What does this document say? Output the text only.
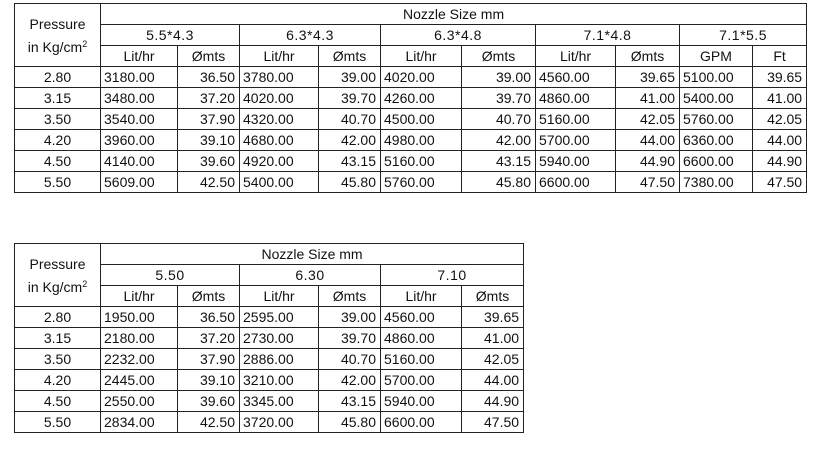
Pressure
in $Kg/cm^2$	Nozzle Size mm									
	5.5*4.3		6.3*4.3		6.3*4.8		7.1*4.8		7.1*5.5	
	Lit/hr	Ømts	Lit/hr	Ømts	Lit/hr	Ømts	Lit/hr	Ømts	GPM	Ft
2.80	3180.00	36.50	3780.00	39.00	4020.00	39.00	4560.00	39.65	5100.00	39.65
3.15	3480.00	37.20	4020.00	39.70	4260.00	39.70	4860.00	41.00	5400.00	41.00
3.50	3540.00	37.90	4320.00	40.70	4500.00	40.70	5160.00	42.05	5760.00	42.05
4.20	3960.00	39.10	4680.00	42.00	4980.00	42.00	5700.00	44.00	6360.00	44.00
4.50	4140.00	39.60	4920.00	43.15	5160.00	43.15	5940.00	44.90	6600.00	44.90
5.50	5609.00	42.50	5400.00	45.80	5760.00	45.80	6600.00	47.50	7380.00	47.50
Pressure
in $Kg/cm^2$	Nozzle Size mm					
	5.50		6.30		7.10	
	Lit/hr	Ømts	Lit/hr	Ømts	Lit/hr	Ømts
2.80	1950.00	36.50	2595.00	39.00	4560.00	39.65
3.15	2180.00	37.20	2730.00	39.70	4860.00	41.00
3.50	2232.00	37.90	2886.00	40.70	5160.00	42.05
4.20	2445.00	39.10	3210.00	42.00	5700.00	44.00
4.50	2550.00	39.60	3345.00	43.15	5940.00	44.90
5.50	2834.00	42.50	3720.00	45.80	6600.00	47.50
